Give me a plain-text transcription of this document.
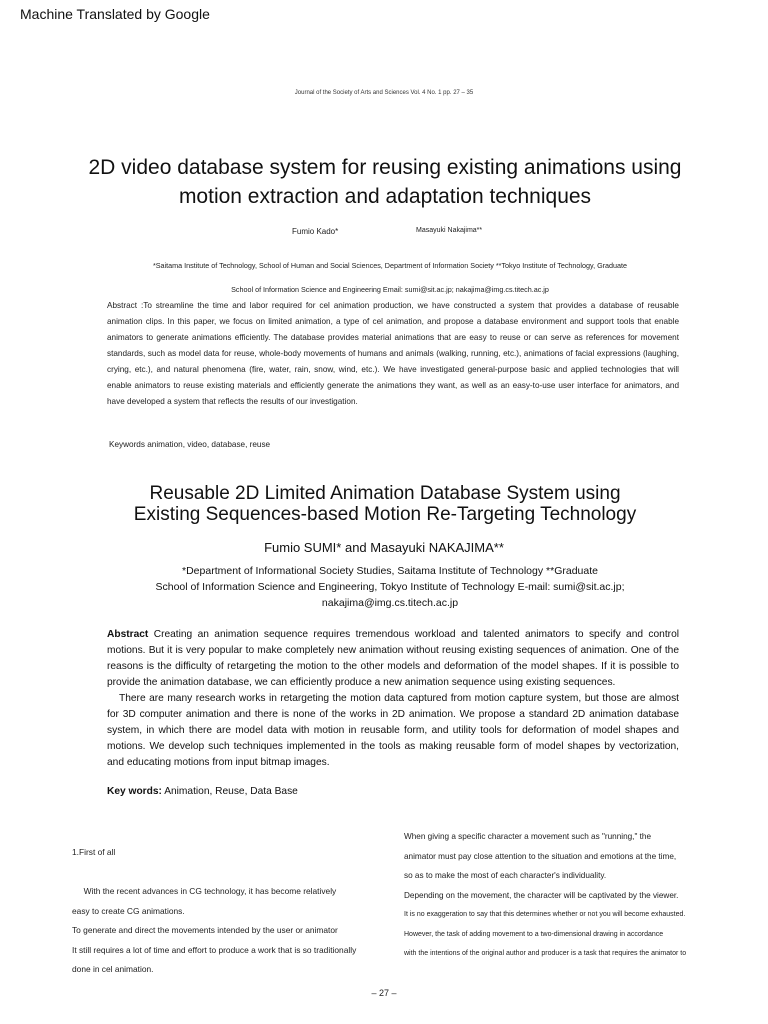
Machine Translated by Google
Journal of the Society of Arts and Sciences Vol. 4 No. 1 pp. 27 – 35
2D video database system for reusing existing animations using
motion extraction and adaptation techniques
Fumio Kado*	Masayuki Nakajima**
*Saitama Institute of Technology, School of Human and Social Sciences, Department of Information Society **Tokyo Institute of Technology, Graduate
School of Information Science and Engineering Email: sumi@sit.ac.jp; nakajima@img.cs.titech.ac.jp
Abstract :To streamline the time and labor required for cel animation production, we have constructed a system that provides a database of reusable animation clips. In this paper, we focus on limited animation, a type of cel animation, and propose a database environment and support tools that enable animators to generate animations efficiently. The database provides material animations that are easy to reuse or can serve as references for movement standards, such as model data for reuse, whole-body movements of humans and animals (walking, running, etc.), animations of facial expressions (laughing, crying, etc.), and natural phenomena (fire, water, rain, snow, wind, etc.). We have investigated general-purpose basic and applied technologies that will enable animators to reuse existing materials and efficiently generate the animations they want, as well as an easy-to-use user interface for animators, and have developed a system that reflects the results of our investigation.
Keywords animation, video, database, reuse
Reusable 2D Limited Animation Database System using
Existing Sequences-based Motion Re-Targeting Technology
Fumio SUMI* and Masayuki NAKAJIMA**
*Department of Informational Society Studies, Saitama Institute of Technology **Graduate
School of Information Science and Engineering, Tokyo Institute of Technology E-mail: sumi@sit.ac.jp;
nakajima@img.cs.titech.ac.jp
Abstract Creating an animation sequence requires tremendous workload and talented animators to specify and control motions. But it is very popular to make completely new animation without reusing existing sequences of animation. One of the reasons is the difficulty of retargeting the motion to the other models and deformation of the model shapes. If it is possible to provide the animation database, we can efficiently produce a new animation sequence using existing sequences.
There are many research works in retargeting the motion data captured from motion capture system, but those are almost for 3D computer animation and there is none of the works in 2D animation. We propose a standard 2D animation database system, in which there are model data with motion in reusable form, and utility tools for deformation of model shapes and motions. We develop such techniques implemented in the tools as making reusable form of model shapes by vectorization, and educating motions from input bitmap images.
Key words: Animation, Reuse, Data Base
1.First of all
With the recent advances in CG technology, it has become relatively
easy to create CG animations.
To generate and direct the movements intended by the user or animator
It still requires a lot of time and effort to produce a work that is so traditionally
done in cel animation.
When giving a specific character a movement such as "running," the
animator must pay close attention to the situation and emotions at the time,
so as to make the most of each character's individuality.
Depending on the movement, the character will be captivated by the viewer.
It is no exaggeration to say that this determines whether or not you will become exhausted.
However, the task of adding movement to a two-dimensional drawing in accordance
with the intentions of the original author and producer is a task that requires the animator to
– 27 –
